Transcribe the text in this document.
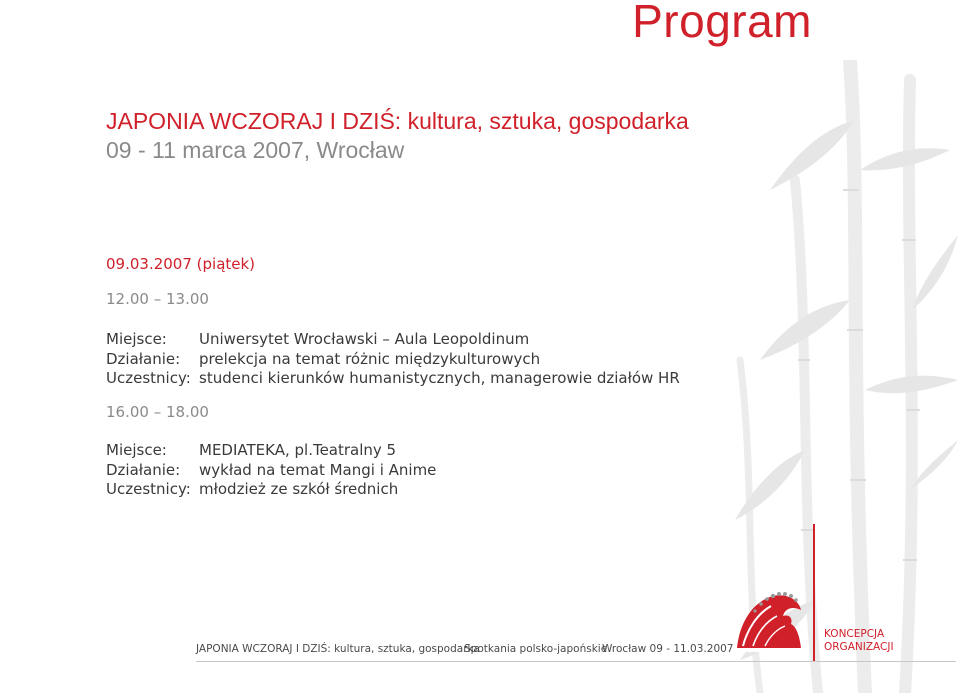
Program
JAPONIA WCZORAJ I DZIŚ: kultura, sztuka, gospodarka
09 - 11 marca 2007, Wrocław
09.03.2007 (piątek)
12.00 – 13.00
Miejsce:	Uniwersytet Wrocławski – Aula Leopoldinum
Działanie:	prelekcja na temat różnic międzykulturowych
Uczestnicy:	studenci kierunków humanistycznych, managerowie działów HR
16.00 – 18.00
Miejsce:	MEDIATEKA, pl.Teatralny 5
Działanie:	wykład na temat Mangi i Anime
Uczestnicy:	młodzież ze szkół średnich
KONCEPCJA
ORGANIZACJI
JAPONIA WCZORAJ I DZIŚ: kultura, sztuka, gospodarka
Spotkania polsko-japońskie
Wrocław 09 - 11.03.2007
